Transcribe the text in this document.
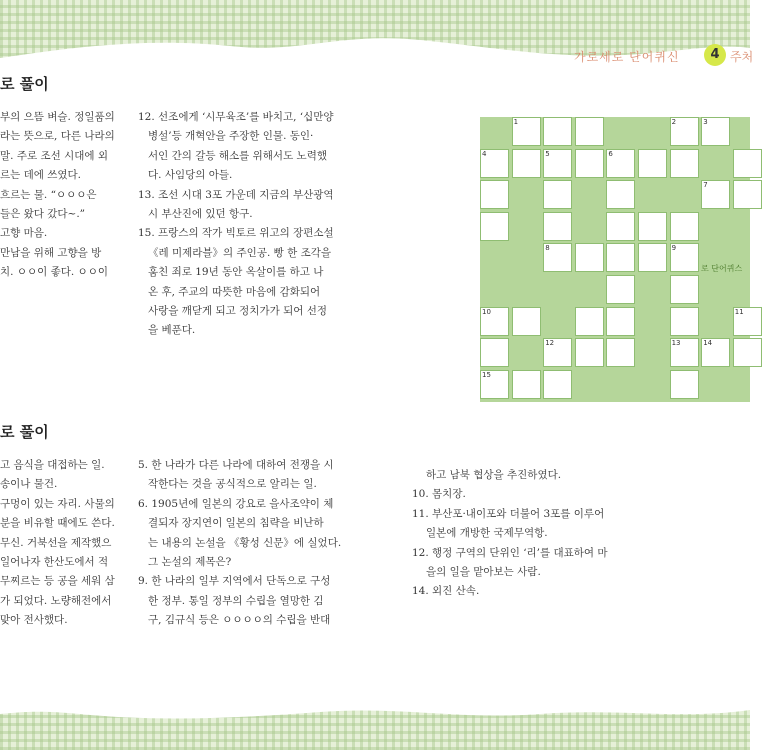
가로세로 단어퀴신	4 주처
로 풀이
로 풀이
부의 으뜸 벼슬. 정일품의
라는 뜻으로, 다른 나라의
말. 주로 조선 시대에 외
르는 데에 쓰였다.
흐르는 물. “ㅇㅇㅇ은
들은 왔다 갔다~.”
고향 마음.
만남을 위해 고향을 방
치. ㅇㅇ이 좋다. ㅇㅇ이
12. 선조에게 ‘시무육조’를 바치고, ‘십만양
병설’등 개혁안을 주장한 인물. 동인·
서인 간의 갈등 해소를 위해서도 노력했
다. 사임당의 아들.
13. 조선 시대 3포 가운데 지금의 부산광역
시 부산진에 있던 항구.
15. 프랑스의 작가 빅토르 위고의 장편소설
《레 미제라블》의 주인공. 빵 한 조각을
훔친 죄로 19년 동안 옥살이를 하고 나
온 후, 주교의 따뜻한 마음에 감화되어
사랑을 깨닫게 되고 정치가가 되어 선정
을 베푼다.
고 음식을 대접하는 일.
송이나 물건.
구멍이 있는 자리. 사물의
분을 비유할 때에도 쓴다.
무신. 거북선을 제작했으
일어나자 한산도에서 적
무찌르는 등 공을 세워 삼
가 되었다. 노량해전에서
맞아 전사했다.
5. 한 나라가 다른 나라에 대하여 전쟁을 시
작한다는 것을 공식적으로 알리는 일.
6. 1905년에 일본의 강요로 을사조약이 체
결되자 장지연이 일본의 침략을 비난하
는 내용의 논설을 《황성 신문》에 실었다.
그 논설의 제목은?
9. 한 나라의 일부 지역에서 단독으로 구성
한 정부. 통일 정부의 수립을 열망한 김
구, 김규식 등은 ㅇㅇㅇㅇ의 수립을 반대
하고 남북 협상을 추진하였다.
10. 몸치장.
11. 부산포·내이포와 더불어 3포를 이루어
일본에 개방한 국제무역항.
12. 행정 구역의 단위인 ‘리’를 대표하여 마
을의 일을 맡아보는 사람.
14. 외진 산속.
1	2	3
4	5	6
7
8	9
10	11
12	13	14
15
로 단어퀴스
